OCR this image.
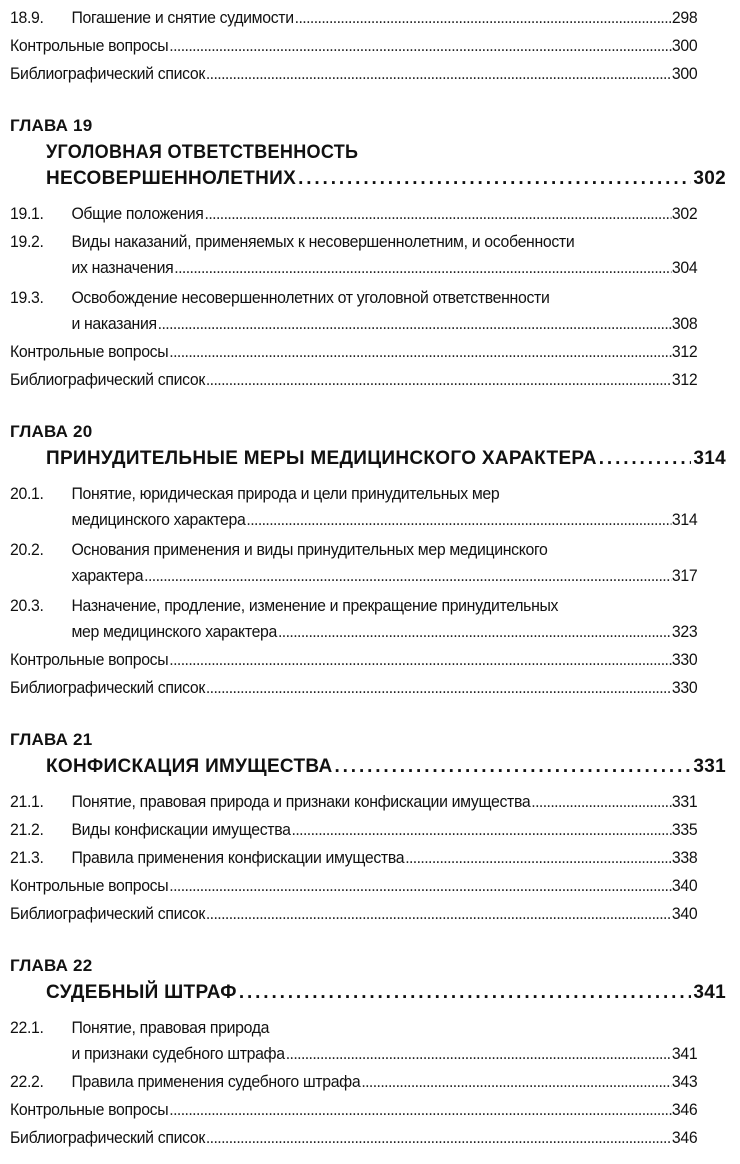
18.9.	Погашение и снятие судимости . . .	298
Контрольные вопросы . . .	300
Библиографический список . . .	300
ГЛАВА 19
УГОЛОВНАЯ ОТВЕТСТВЕННОСТЬ
НЕСОВЕРШЕННОЛЕТНИХ . . .	302
19.1.	Общие положения . . .	302
19.2.	Виды наказаний, применяемых к несовершеннолетним, и особенности
их назначения . . .	304
19.3.	Освобождение несовершеннолетних от уголовной ответственности
и наказания . . .	308
Контрольные вопросы . . .	312
Библиографический список . . .	312
ГЛАВА 20
ПРИНУДИТЕЛЬНЫЕ МЕРЫ МЕДИЦИНСКОГО ХАРАКТЕРА . . .	314
20.1.	Понятие, юридическая природа и цели принудительных мер
медицинского характера . . .	314
20.2.	Основания применения и виды принудительных мер медицинского
характера . . .	317
20.3.	Назначение, продление, изменение и прекращение принудительных
мер медицинского характера . . .	323
Контрольные вопросы . . .	330
Библиографический список . . .	330
ГЛАВА 21
КОНФИСКАЦИЯ ИМУЩЕСТВА . . .	331
21.1.	Понятие, правовая природа и признаки конфискации имущества . . .	331
21.2.	Виды конфискации имущества . . .	335
21.3.	Правила применения конфискации имущества . . .	338
Контрольные вопросы . . .	340
Библиографический список . . .	340
ГЛАВА 22
СУДЕБНЫЙ ШТРАФ . . .	341
22.1.	Понятие, правовая природа
и признаки судебного штрафа . . .	341
22.2.	Правила применения судебного штрафа . . .	343
Контрольные вопросы . . .	346
Библиографический список . . .	346
